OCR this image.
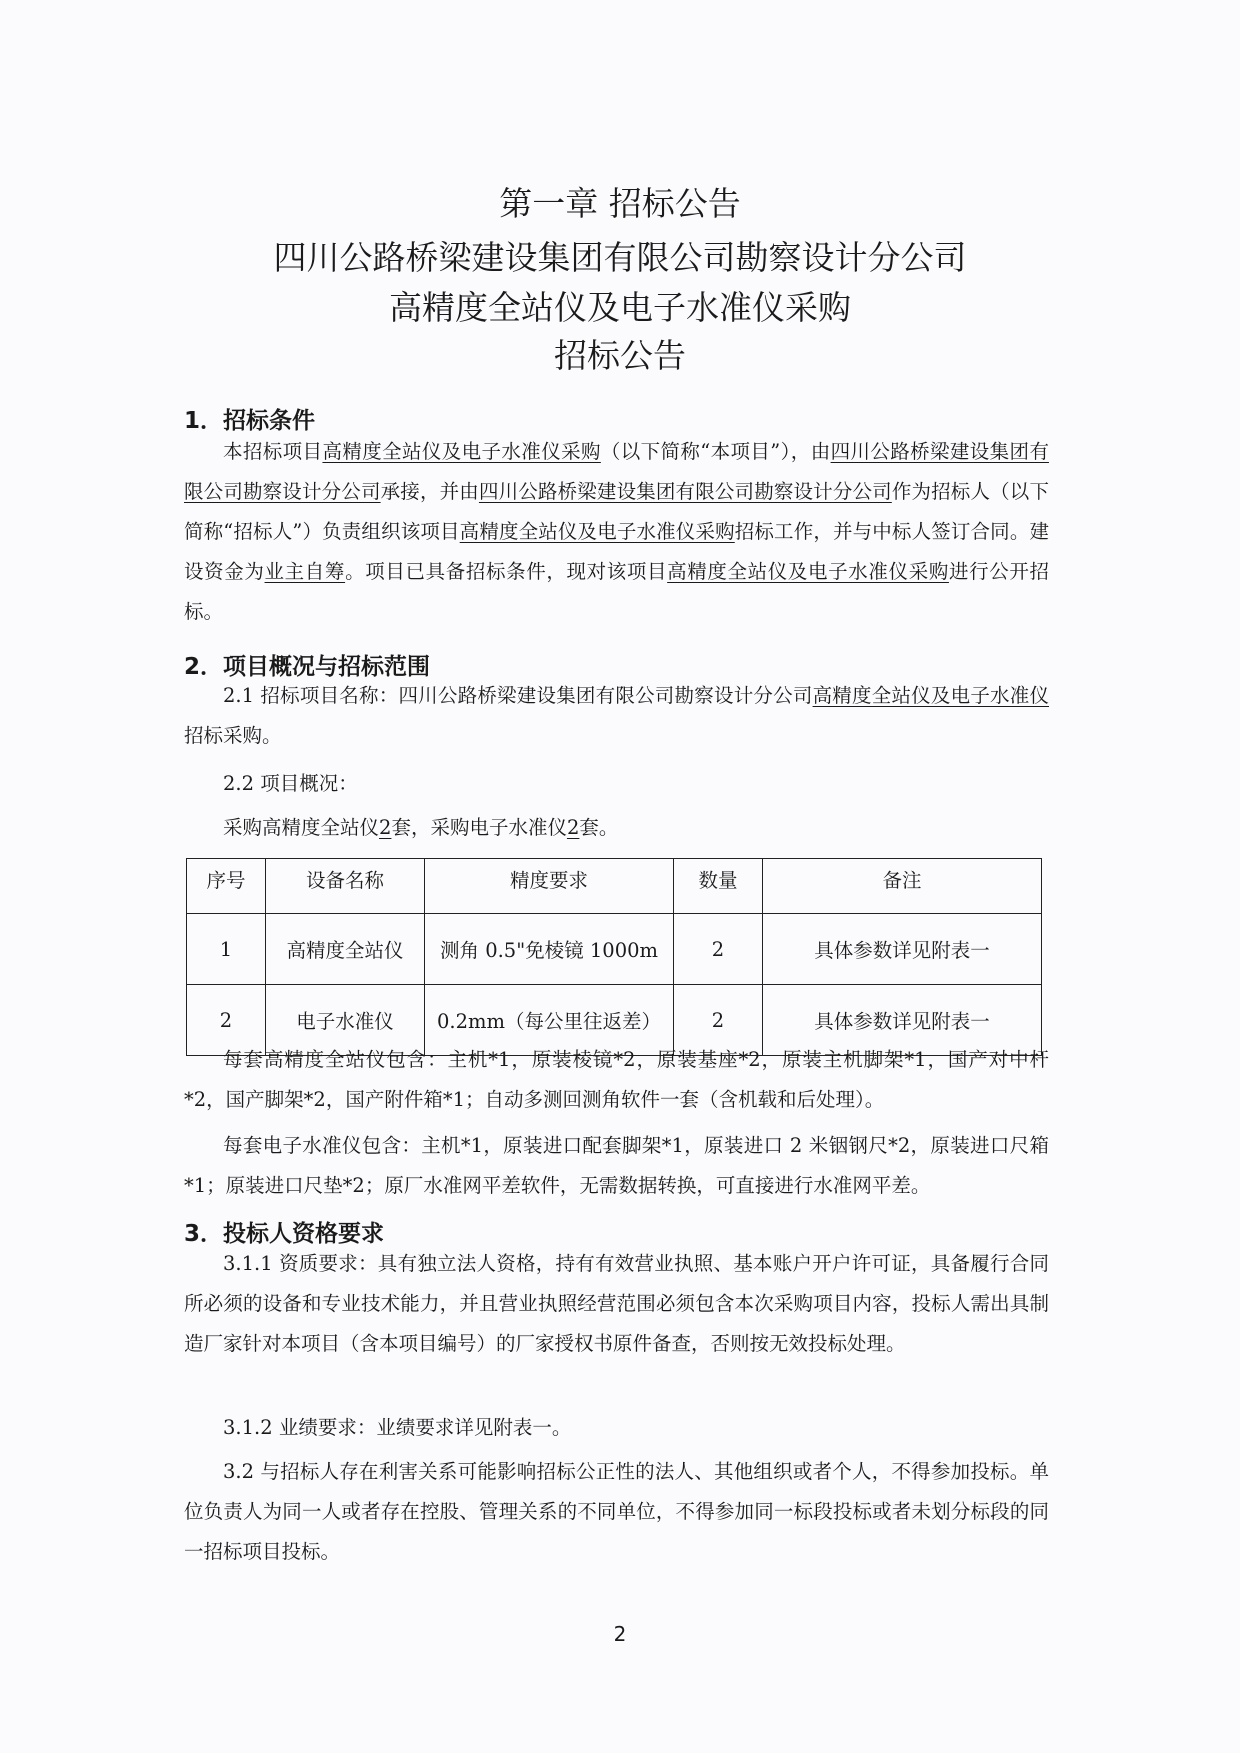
第一章 招标公告
四川公路桥梁建设集团有限公司勘察设计分公司
高精度全站仪及电子水准仪采购
招标公告
1．招标条件
本招标项目高精度全站仪及电子水准仪采购（以下简称“本项目”），由四川公路桥梁建设集团有限公司勘察设计分公司承接，并由四川公路桥梁建设集团有限公司勘察设计分公司作为招标人（以下简称“招标人”）负责组织该项目高精度全站仪及电子水准仪采购招标工作，并与中标人签订合同。建设资金为业主自筹。项目已具备招标条件，现对该项目高精度全站仪及电子水准仪采购进行公开招标。
2．项目概况与招标范围
2.1 招标项目名称：四川公路桥梁建设集团有限公司勘察设计分公司高精度全站仪及电子水准仪招标采购。
2.2 项目概况：
采购高精度全站仪2套，采购电子水准仪2套。
序号	设备名称	精度要求	数量	备注
1	高精度全站仪	测角 0.5"免棱镜 1000m	2	具体参数详见附表一
2	电子水准仪	0.2mm（每公里往返差）	2	具体参数详见附表一
每套高精度全站仪包含：主机*1，原装棱镜*2，原装基座*2，原装主机脚架*1，国产对中杆*2，国产脚架*2，国产附件箱*1；自动多测回测角软件一套（含机载和后处理）。
每套电子水准仪包含：主机*1，原装进口配套脚架*1，原装进口 2 米铟钢尺*2，原装进口尺箱*1；原装进口尺垫*2；原厂水准网平差软件，无需数据转换，可直接进行水准网平差。
3．投标人资格要求
3.1.1 资质要求：具有独立法人资格，持有有效营业执照、基本账户开户许可证，具备履行合同所必须的设备和专业技术能力，并且营业执照经营范围必须包含本次采购项目内容，投标人需出具制造厂家针对本项目（含本项目编号）的厂家授权书原件备查，否则按无效投标处理。
3.1.2 业绩要求：业绩要求详见附表一。
3.2 与招标人存在利害关系可能影响招标公正性的法人、其他组织或者个人，不得参加投标。单位负责人为同一人或者存在控股、管理关系的不同单位，不得参加同一标段投标或者未划分标段的同一招标项目投标。
2
